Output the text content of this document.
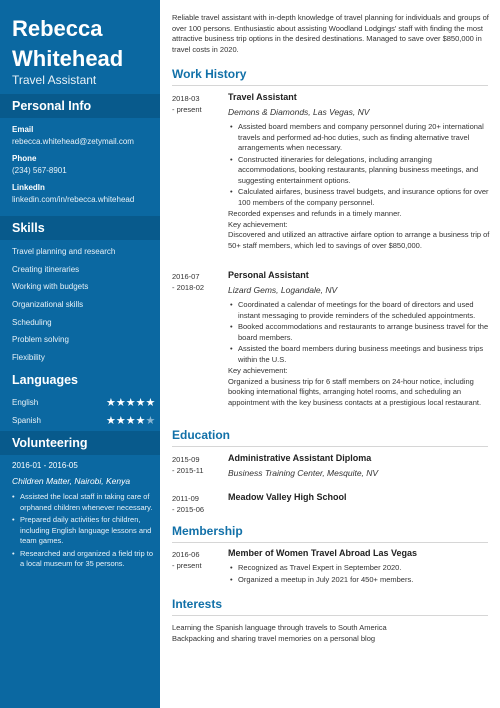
Rebecca Whitehead
Travel Assistant
Personal Info
Email
rebecca.whitehead@zetymail.com
Phone
(234) 567-8901
LinkedIn
linkedin.com/in/rebecca.whitehead
Skills
Travel planning and research
Creating itineraries
Working with budgets
Organizational skills
Scheduling
Problem solving
Flexibility
Languages
English	★★★★★
Spanish	★★★★★
Volunteering
2016-01 - 2016-05
Children Matter, Nairobi, Kenya
• Assisted the local staff in taking care of orphaned children whenever necessary.
• Prepared daily activities for children, including English language lessons and team games.
• Researched and organized a field trip to a local museum for 35 persons.
Reliable travel assistant with in-depth knowledge of travel planning for individuals and groups of over 100 persons. Enthusiastic about assisting Woodland Lodgings' staff with finding the most attractive business trip options in the desired destinations. Managed to save over $850,000 in travel costs in 2020.
Work History
2018-03
- present
Travel Assistant
Demons & Diamonds, Las Vegas, NV
• Assisted board members and company personnel during 20+ international travels and performed ad-hoc duties, such as finding alternative travel arrangements when necessary.
• Constructed itineraries for delegations, including arranging accommodations, booking restaurants, planning business meetings, and suggesting entertainment options.
• Calculated airfares, business travel budgets, and insurance options for over 100 members of the company personnel.
Recorded expenses and refunds in a timely manner.
Key achievement:
Discovered and utilized an attractive airfare option to arrange a business trip of 50+ staff members, which led to savings of over $850,000.
2016-07
- 2018-02
Personal Assistant
Lizard Gems, Logandale, NV
• Coordinated a calendar of meetings for the board of directors and used instant messaging to provide reminders of the scheduled appointments.
• Booked accommodations and restaurants to arrange business travel for the board members.
• Assisted the board members during business meetings and business trips within the U.S.
Key achievement:
Organized a business trip for 6 staff members on 24-hour notice, including booking international flights, arranging hotel rooms, and scheduling an appointment with the key business contacts at a prestigious local restaurant.
Education
2015-09
- 2015-11
Administrative Assistant Diploma
Business Training Center, Mesquite, NV
2011-09
- 2015-06
Meadow Valley High School
Membership
2016-06
- present
Member of Women Travel Abroad Las Vegas
• Recognized as Travel Expert in September 2020.
• Organized a meetup in July 2021 for 450+ members.
Interests
Learning the Spanish language through travels to South America
Backpacking and sharing travel memories on a personal blog
